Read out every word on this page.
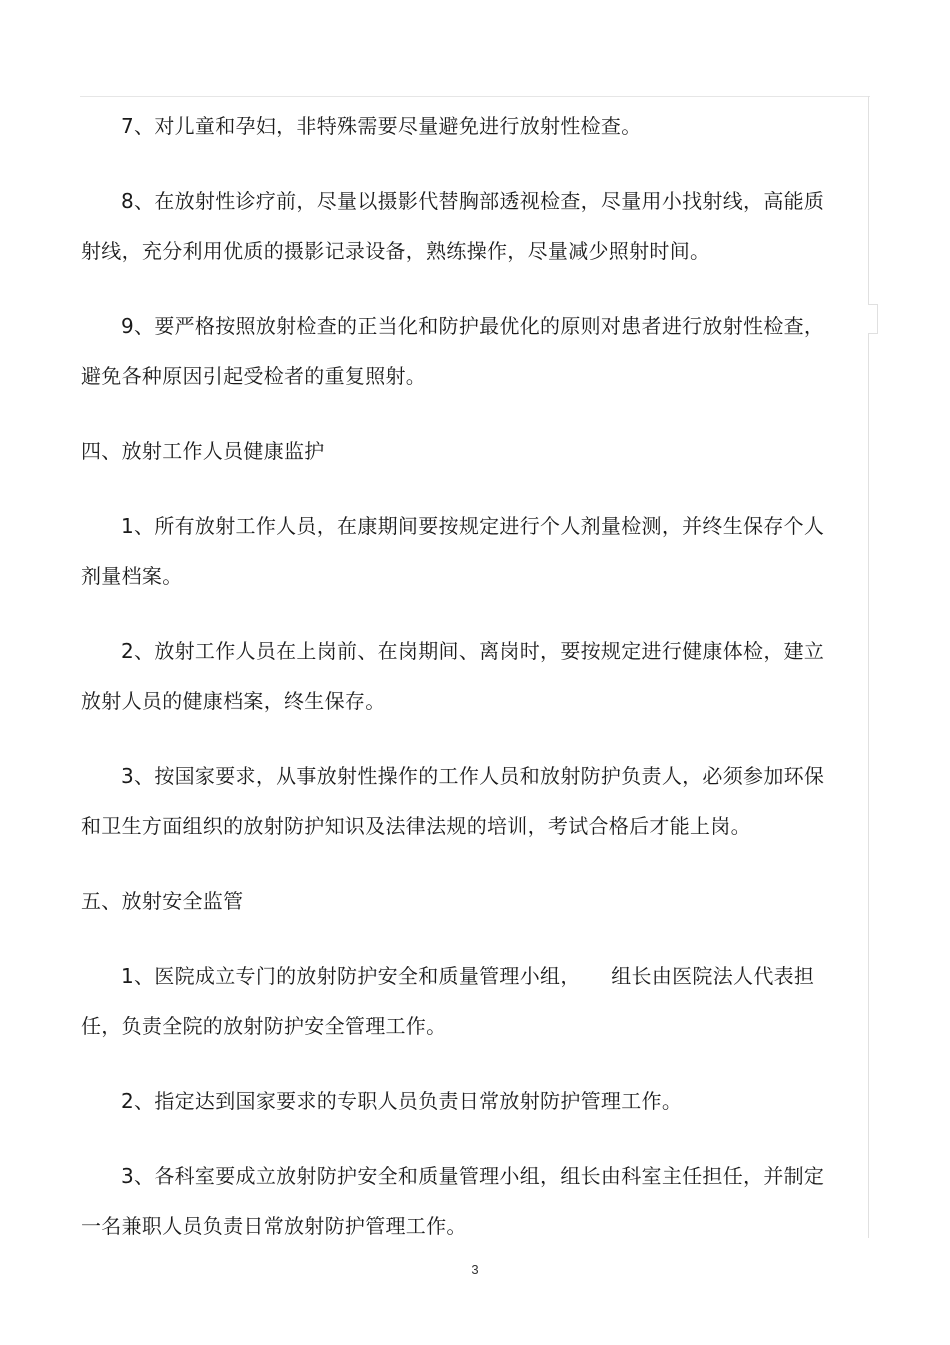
7、对儿童和孕妇，非特殊需要尽量避免进行放射性检查。

8、在放射性诊疗前，尽量以摄影代替胸部透视检查，尽量用小找射线，高能质射线，充分利用优质的摄影记录设备，熟练操作，尽量减少照射时间。

9、要严格按照放射检查的正当化和防护最优化的原则对患者进行放射性检查，避免各种原因引起受检者的重复照射。

四、放射工作人员健康监护

1、所有放射工作人员，在康期间要按规定进行个人剂量检测，并终生保存个人剂量档案。

2、放射工作人员在上岗前、在岗期间、离岗时，要按规定进行健康体检，建立放射人员的健康档案，终生保存。

3、按国家要求，从事放射性操作的工作人员和放射防护负责人，必须参加环保和卫生方面组织的放射防护知识及法律法规的培训，考试合格后才能上岗。

五、放射安全监管

1、医院成立专门的放射防护安全和质量管理小组，　　组长由医院法人代表担任，负责全院的放射防护安全管理工作。

2、指定达到国家要求的专职人员负责日常放射防护管理工作。

3、各科室要成立放射防护安全和质量管理小组，组长由科室主任担任，并制定一名兼职人员负责日常放射防护管理工作。

3
